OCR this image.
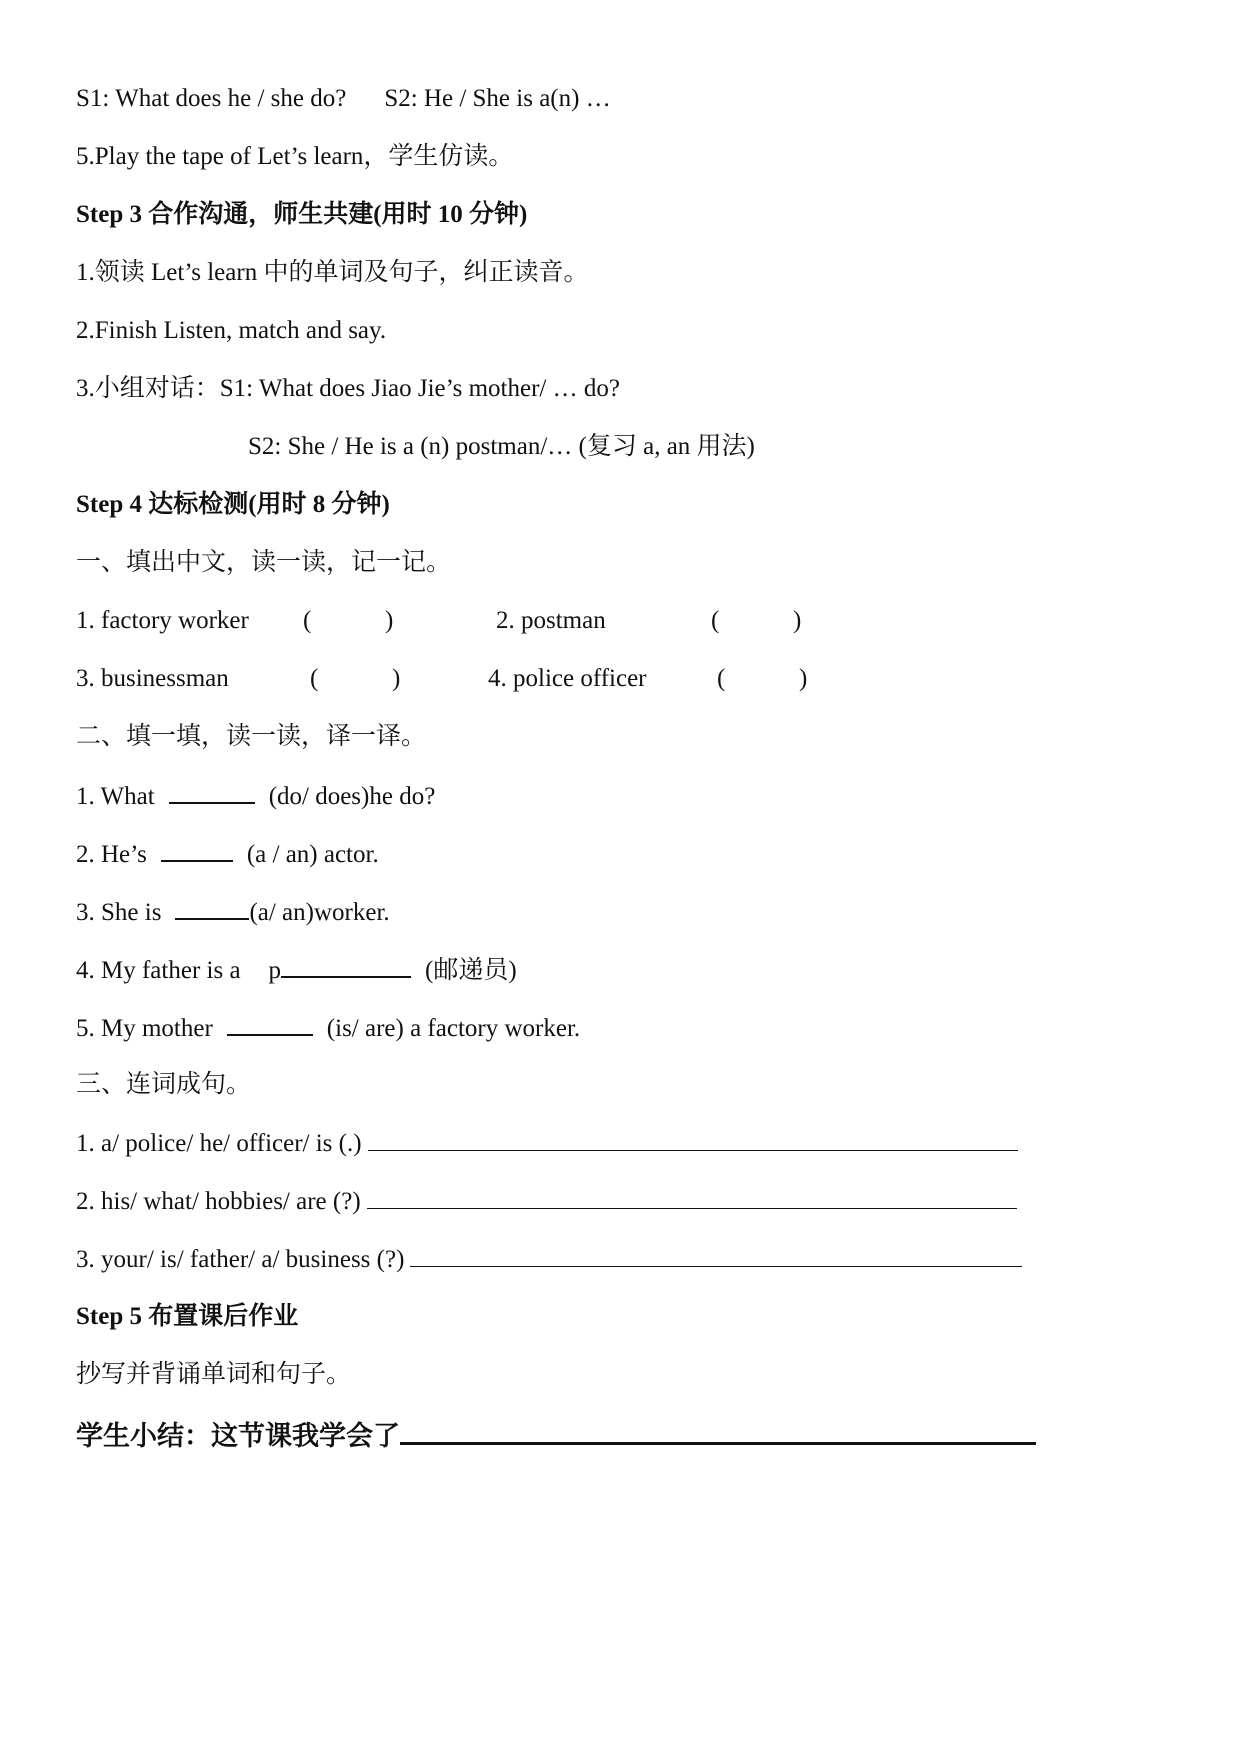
S1: What does he / she do? S2: He / She is a(n) …
5.Play the tape of Let’s learn，学生仿读。
Step 3 合作沟通，师生共建(用时 10 分钟)
1.领读 Let’s learn 中的单词及句子，纠正读音。
2.Finish Listen, match and say.
3.小组对话：S1: What does Jiao Jie’s mother/ … do?
S2: She / He is a (n) postman/… (复习 a, an 用法)
Step 4 达标检测(用时 8 分钟)
一、填出中文，读一读，记一记。
1. factory worker (	)	2. postman	(	)
3. businessman	(	)	4. police officer	(	)
二、填一填，读一读，译一译。
1. What	(do/ does)he do?
2. He’s	(a / an) actor.
3. She is	(a/ an)worker.
4. My father is a p	(邮递员)
5. My mother	(is/ are) a factory worker.
三、连词成句。
1. a/ police/ he/ officer/ is (.)
2. his/ what/ hobbies/ are (?)
3. your/ is/ father/ a/ business (?)
Step 5 布置课后作业
抄写并背诵单词和句子。
学生小结：这节课我学会了
